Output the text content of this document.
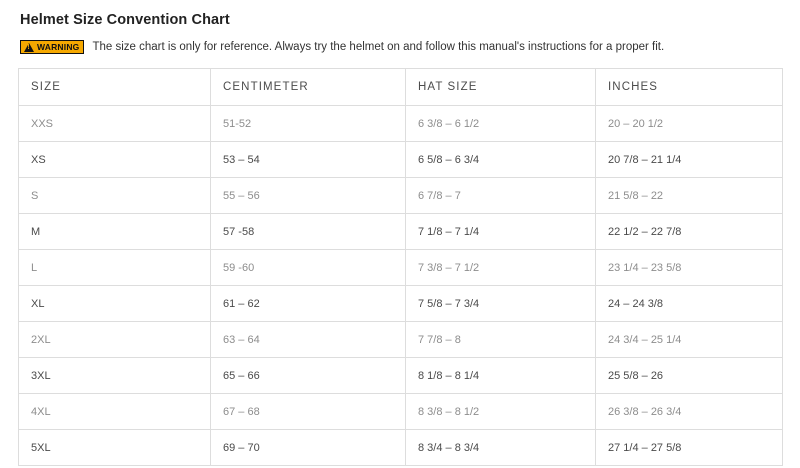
Helmet Size Convention Chart
!
WARNING The size chart is only for reference. Always try the helmet on and follow this manual's instructions for a proper fit.
SIZE	CENTIMETER	HAT SIZE	INCHES
XXS	51-52	6 3/8 – 6 1/2	20 – 20 1/2
XS	53 – 54	6 5/8 – 6 3/4	20 7/8 – 21 1/4
S	55 – 56	6 7/8 – 7	21 5/8 – 22
M	57 -58	7 1/8 – 7 1/4	22 1/2 – 22 7/8
L	59 -60	7 3/8 – 7 1/2	23 1/4 – 23 5/8
XL	61 – 62	7 5/8 – 7 3/4	24 – 24 3/8
2XL	63 – 64	7 7/8 – 8	24 3/4 – 25 1/4
3XL	65 – 66	8 1/8 – 8 1/4	25 5/8 – 26
4XL	67 – 68	8 3/8 – 8 1/2	26 3/8 – 26 3/4
5XL	69 – 70	8 3/4 – 8 3/4	27 1/4 – 27 5/8
